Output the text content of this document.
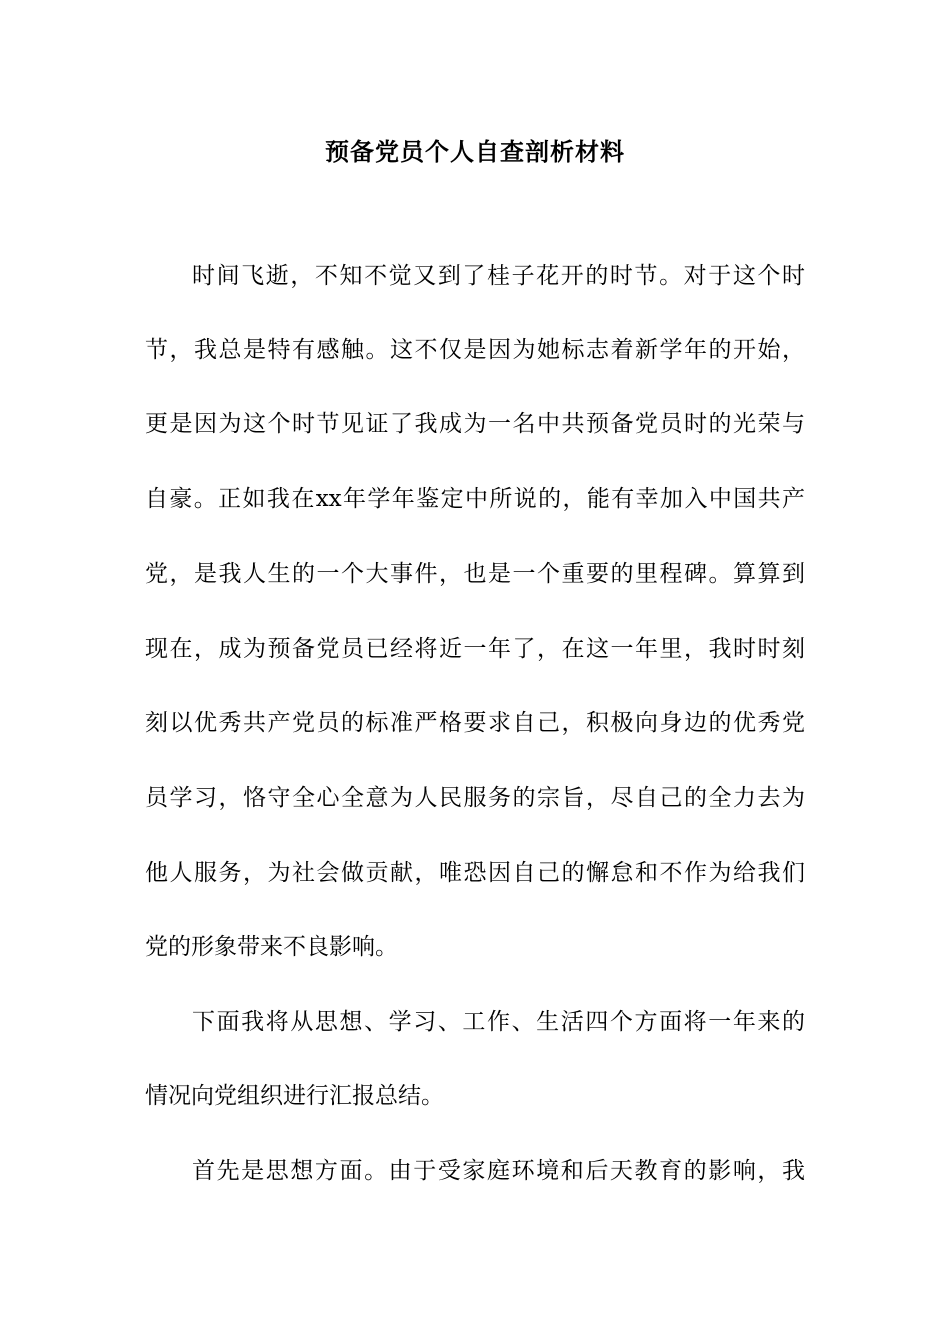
预备党员个人自查剖析材料
时间飞逝，不知不觉又到了桂子花开的时节。对于这个时
节，我总是特有感触。这不仅是因为她标志着新学年的开始，
更是因为这个时节见证了我成为一名中共预备党员时的光荣与
自豪。正如我在xx年学年鉴定中所说的，能有幸加入中国共产
党，是我人生的一个大事件，也是一个重要的里程碑。算算到
现在，成为预备党员已经将近一年了，在这一年里，我时时刻
刻以优秀共产党员的标准严格要求自己，积极向身边的优秀党
员学习，恪守全心全意为人民服务的宗旨，尽自己的全力去为
他人服务，为社会做贡献，唯恐因自己的懈怠和不作为给我们
党的形象带来不良影响。
下面我将从思想、学习、工作、生活四个方面将一年来的
情况向党组织进行汇报总结。
首先是思想方面。由于受家庭环境和后天教育的影响，我
